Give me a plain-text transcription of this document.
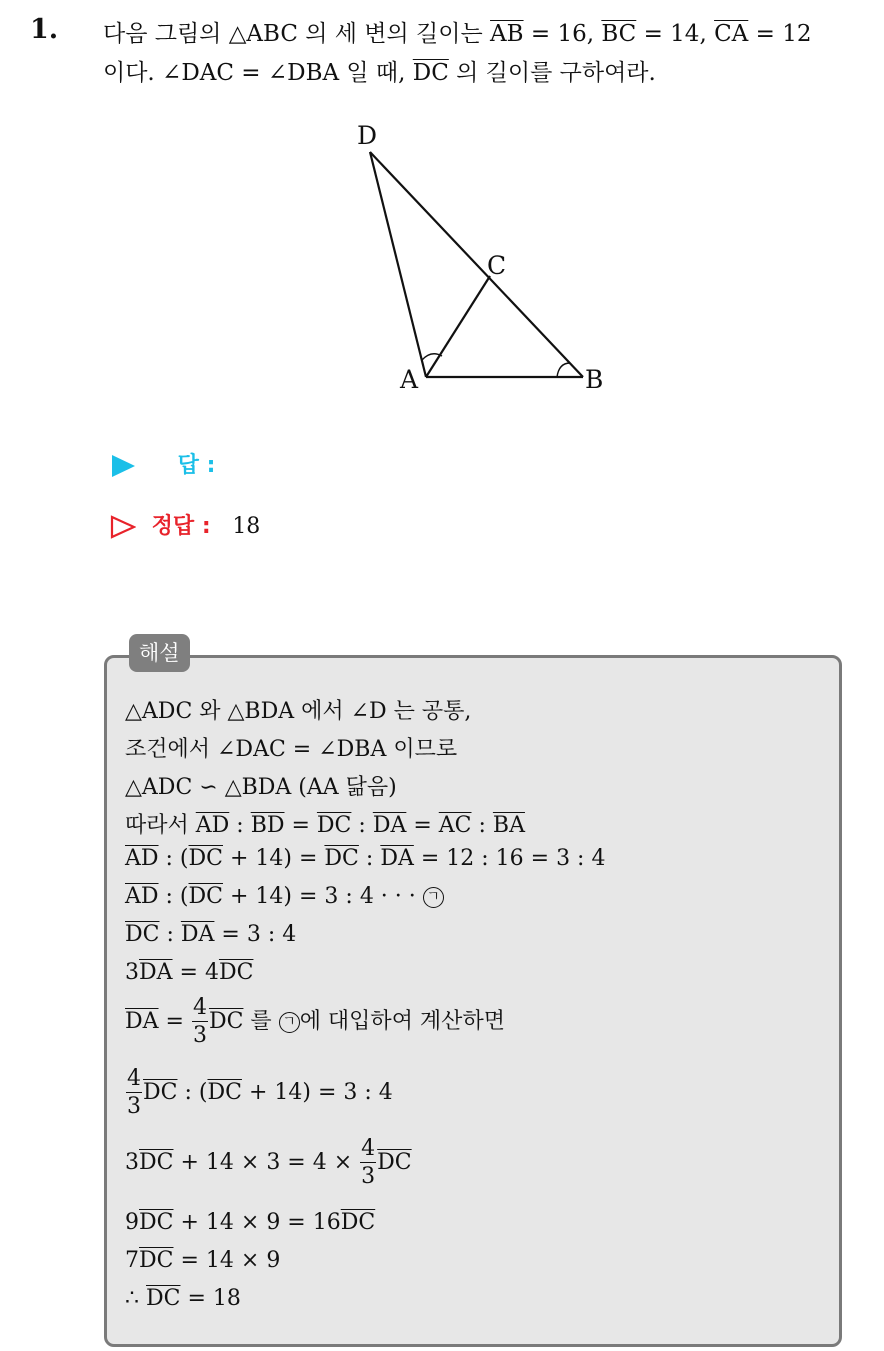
1. 다음 그림의 △ABC 의 세 변의 길이는 $\overline{AB} = 16$, $\overline{BC} = 14$, $\overline{CA} = 12$
이다. ∠DAC = ∠DBA 일 때, $\overline{DC}$ 의 길이를 구하여라.
D
C
A	B
답 :
정답 : 18
해설
△ADC 와 △BDA 에서 ∠D 는 공통,
조건에서 ∠DAC = ∠DBA 이므로
△ADC ∽ △BDA (AA 닮음)
따라서 $\overline{AD}$ : $\overline{BD} = \overline{DC}$ : $\overline{DA} = \overline{AC}$ : $\overline{BA}$
$\overline{AD}$ : $(\overline{DC} + 14) = \overline{DC}$ : $\overline{DA} = 12$ : 16 = 3 : 4
$\overline{AD}$ : $(\overline{DC} + 14) = 3$ : 4 · · · ㄱ
$\overline{DC}$ : $\overline{DA} = 3$ : 4
$3\overline{DA} = 4\overline{DC}$
$\overline{DA} = \frac{4}{3} \overline{DC}$ 를 ㄱ 에 대입하여 계산하면
$\frac{4}{3} \overline{DC}$ : $(\overline{DC} + 14) = 3$ : 4
$3\overline{DC} + 14 \times 3 = 4 \times \frac{4}{3} \overline{DC}$
$9\overline{DC} + 14 \times 9 = 16\overline{DC}$
$7\overline{DC} = 14 \times 9$
∴ $\overline{DC} = 18$
